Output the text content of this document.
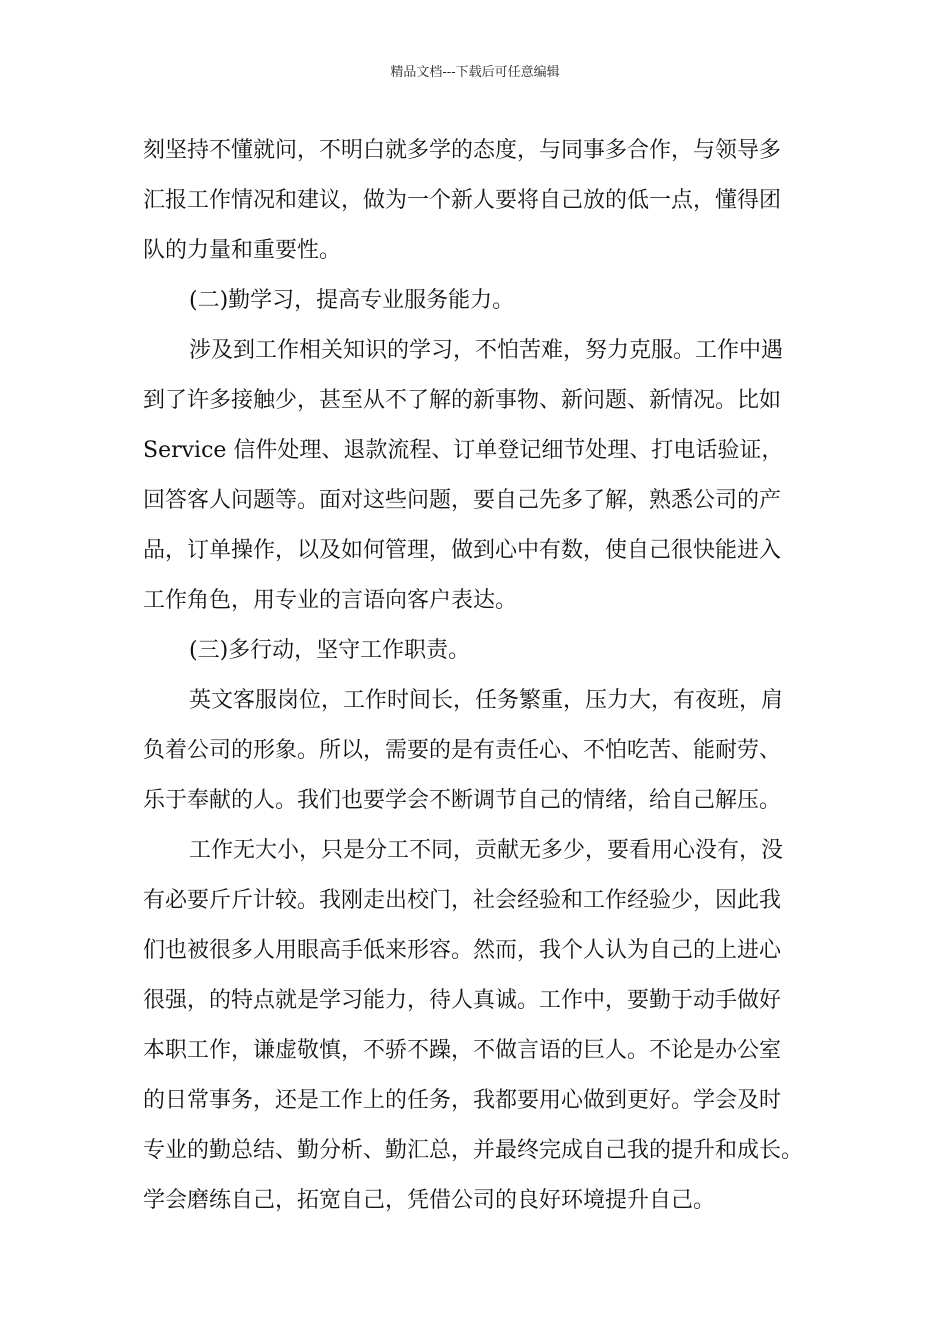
精品文档---下载后可任意编辑
刻坚持不懂就问，不明白就多学的态度，与同事多合作，与领导多
汇报工作情况和建议，做为一个新人要将自己放的低一点，懂得团
队的力量和重要性。
(二)勤学习，提高专业服务能力。
涉及到工作相关知识的学习，不怕苦难，努力克服。工作中遇
到了许多接触少，甚至从不了解的新事物、新问题、新情况。比如
Service 信件处理、退款流程、订单登记细节处理、打电话验证，
回答客人问题等。面对这些问题，要自己先多了解，熟悉公司的产
品，订单操作，以及如何管理，做到心中有数，使自己很快能进入
工作角色，用专业的言语向客户表达。
(三)多行动，坚守工作职责。
英文客服岗位，工作时间长，任务繁重，压力大，有夜班，肩
负着公司的形象。所以，需要的是有责任心、不怕吃苦、能耐劳、
乐于奉献的人。我们也要学会不断调节自己的情绪，给自己解压。
工作无大小，只是分工不同，贡献无多少，要看用心没有，没
有必要斤斤计较。我刚走出校门，社会经验和工作经验少，因此我
们也被很多人用眼高手低来形容。然而，我个人认为自己的上进心
很强，的特点就是学习能力，待人真诚。工作中，要勤于动手做好
本职工作，谦虚敬慎，不骄不躁，不做言语的巨人。不论是办公室
的日常事务，还是工作上的任务，我都要用心做到更好。学会及时
专业的勤总结、勤分析、勤汇总，并最终完成自己我的提升和成长。
学会磨练自己，拓宽自己，凭借公司的良好环境提升自己。
